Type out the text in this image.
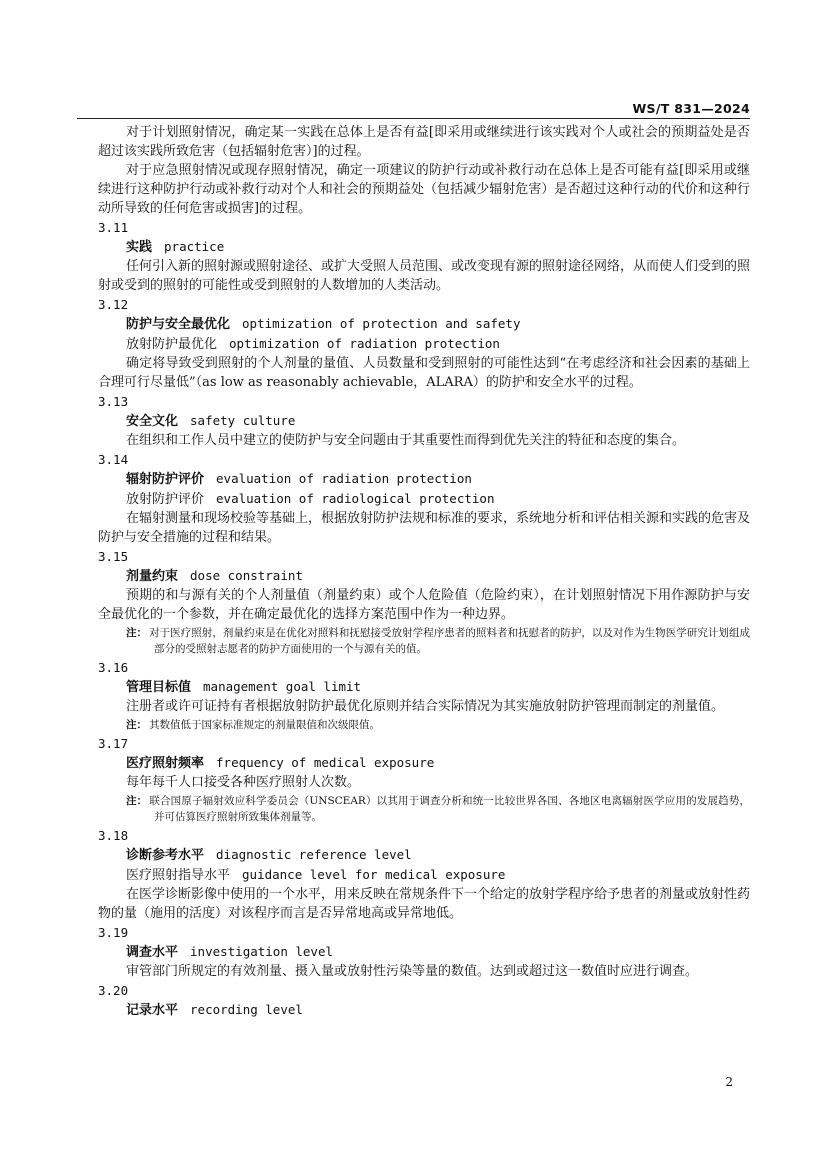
WS/T 831—2024

对于计划照射情况，确定某一实践在总体上是否有益[即采用或继续进行该实践对个人或社会的预期益处是否超过该实践所致危害（包括辐射危害）]的过程。

对于应急照射情况或现存照射情况，确定一项建议的防护行动或补救行动在总体上是否可能有益[即采用或继续进行这种防护行动或补救行动对个人和社会的预期益处（包括减少辐射危害）是否超过这种行动的代价和这种行动所导致的任何危害或损害]的过程。

3.11

实践 practice

任何引入新的照射源或照射途径、或扩大受照人员范围、或改变现有源的照射途径网络，从而使人们受到的照射或受到的照射的可能性或受到照射的人数增加的人类活动。

3.12

防护与安全最优化 optimization of protection and safety

放射防护最优化 optimization of radiation protection

确定将导致受到照射的个人剂量的量值、人员数量和受到照射的可能性达到“在考虑经济和社会因素的基础上合理可行尽量低”（as low as reasonably achievable，ALARA）的防护和安全水平的过程。

3.13

安全文化 safety culture

在组织和工作人员中建立的使防护与安全问题由于其重要性而得到优先关注的特征和态度的集合。

3.14

辐射防护评价 evaluation of radiation protection

放射防护评价 evaluation of radiological protection

在辐射测量和现场校验等基础上，根据放射防护法规和标准的要求，系统地分析和评估相关源和实践的危害及防护与安全措施的过程和结果。

3.15

剂量约束 dose constraint

预期的和与源有关的个人剂量值（剂量约束）或个人危险值（危险约束），在计划照射情况下用作源防护与安全最优化的一个参数，并在确定最优化的选择方案范围中作为一种边界。

注： 对于医疗照射，剂量约束是在优化对照料和抚慰接受放射学程序患者的照料者和抚慰者的防护，以及对作为生物医学研究计划组成部分的受照射志愿者的防护方面使用的一个与源有关的值。

3.16

管理目标值 management goal limit

注册者或许可证持有者根据放射防护最优化原则并结合实际情况为其实施放射防护管理而制定的剂量值。

注： 其数值低于国家标准规定的剂量限值和次级限值。

3.17

医疗照射频率 frequency of medical exposure

每年每千人口接受各种医疗照射人次数。

注： 联合国原子辐射效应科学委员会（UNSCEAR）以其用于调查分析和统一比较世界各国、各地区电离辐射医学应用的发展趋势，并可估算医疗照射所致集体剂量等。

3.18

诊断参考水平 diagnostic reference level

医疗照射指导水平 guidance level for medical exposure

在医学诊断影像中使用的一个水平，用来反映在常规条件下一个给定的放射学程序给予患者的剂量或放射性药物的量（施用的活度）对该程序而言是否异常地高或异常地低。

3.19

调查水平 investigation level

审管部门所规定的有效剂量、摄入量或放射性污染等量的数值。达到或超过这一数值时应进行调查。

3.20

记录水平 recording level

2
